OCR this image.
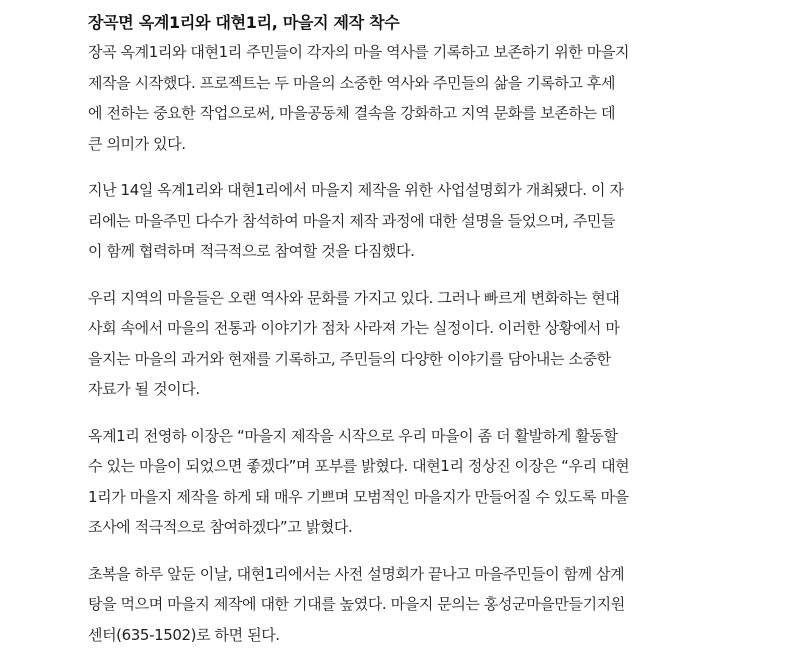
장곡면 옥계1리와 대현1리, 마을지 제작 착수

장곡 옥계1리와 대현1리 주민들이 각자의 마을 역사를 기록하고 보존하기 위한 마을지
제작을 시작했다. 프로젝트는 두 마을의 소중한 역사와 주민들의 삶을 기록하고 후세
에 전하는 중요한 작업으로써, 마을공동체 결속을 강화하고 지역 문화를 보존하는 데
큰 의미가 있다.

지난 14일 옥계1리와 대현1리에서 마을지 제작을 위한 사업설명회가 개최됐다. 이 자
리에는 마을주민 다수가 참석하여 마을지 제작 과정에 대한 설명을 들었으며, 주민들
이 함께 협력하며 적극적으로 참여할 것을 다짐했다.

우리 지역의 마을들은 오랜 역사와 문화를 가지고 있다. 그러나 빠르게 변화하는 현대
사회 속에서 마을의 전통과 이야기가 점차 사라져 가는 실정이다. 이러한 상황에서 마
을지는 마을의 과거와 현재를 기록하고, 주민들의 다양한 이야기를 담아내는 소중한
자료가 될 것이다.

옥계1리 전영하 이장은 “마을지 제작을 시작으로 우리 마을이 좀 더 활발하게 활동할
수 있는 마을이 되었으면 좋겠다”며 포부를 밝혔다. 대현1리 정상진 이장은 “우리 대현
1리가 마을지 제작을 하게 돼 매우 기쁘며 모범적인 마을지가 만들어질 수 있도록 마을
조사에 적극적으로 참여하겠다”고 밝혔다.

초복을 하루 앞둔 이날, 대현1리에서는 사전 설명회가 끝나고 마을주민들이 함께 삼계
탕을 먹으며 마을지 제작에 대한 기대를 높였다. 마을지 문의는 홍성군마을만들기지원
센터(635-1502)로 하면 된다.
